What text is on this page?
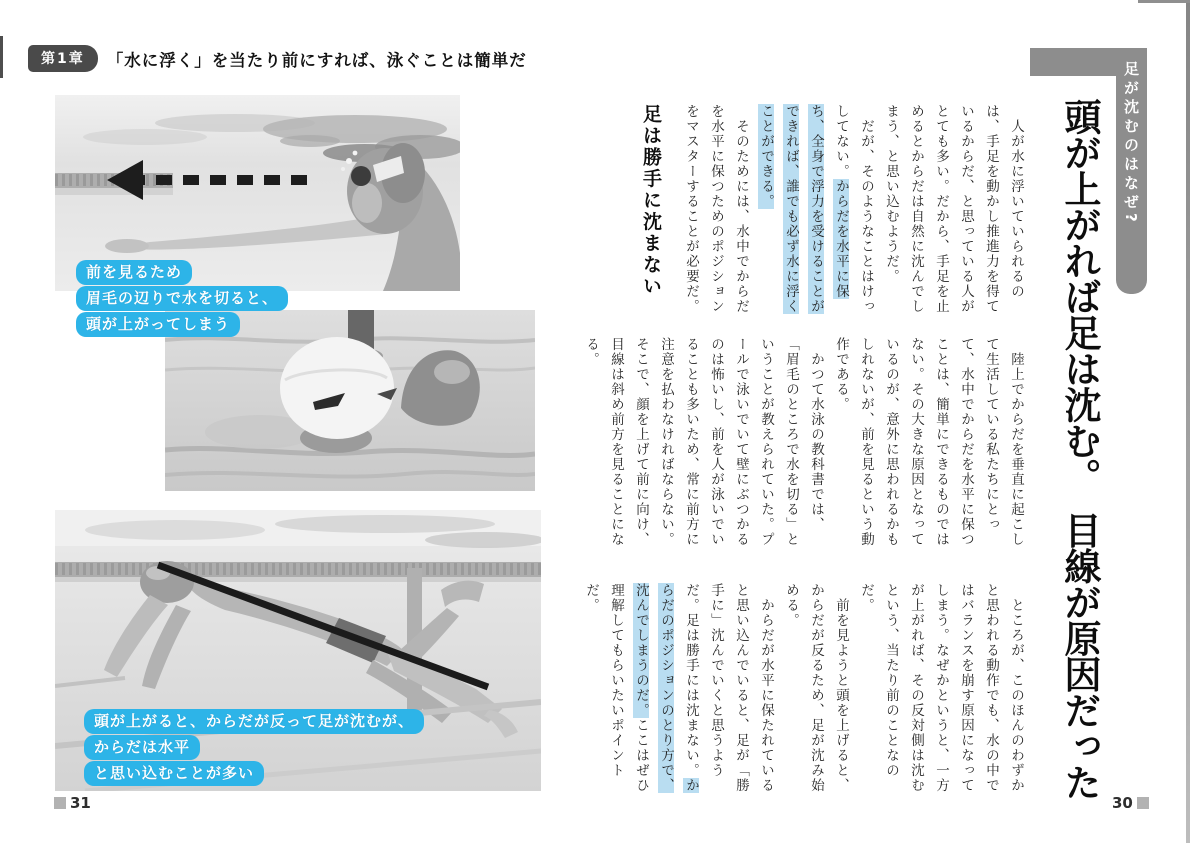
第1章	「水に浮く」を当たり前にすれば、泳ぐことは簡単だ
足が沈むのはなぜ?
頭が上がれば足は沈む。　目線が原因だった

　人が水に浮いていられるのは、手足を動かし推進力を得ているからだ、と思っている人がとても多い。だから、手足を止めるとからだは自然に沈んでしまう、と思い込むようだ。

　だが、そのようなことはけっしてない。からだを水平に保ち、全身で浮力を受けることができれば、誰でも必ず水に浮くことができる。

　そのためには、水中でからだを水平に保つためのポジションをマスターすることが必要だ。

足は勝手に沈まない

　陸上でからだを垂直に起こして生活している私たちにとって、水中でからだを水平に保つことは、簡単にできるものではない。その大きな原因となっているのが、意外に思われるかもしれないが、前を見るという動作である。

　かつて水泳の教科書では、「眉毛のところで水を切る」ということが教えられていた。プールで泳いでいて壁にぶつかるのは怖いし、前を人が泳いでいることも多いため、常に前方に注意を払わなければならない。そこで、顔を上げて前に向け、目線は斜め前方を見ることになる。

　ところが、このほんのわずかと思われる動作でも、水の中ではバランスを崩す原因になってしまう。なぜかというと、一方が上がれば、その反対側は沈むという、当たり前のことなのだ。

　前を見ようと頭を上げると、からだが反るため、足が沈み始める。

　からだが水平に保たれていると思い込んでいると、足が「勝手に」沈んでいくと思うようだ。足は勝手には沈まない。からだのポジションのとり方で、沈んでしまうのだ。ここはぜひ理解してもらいたいポイントだ。

前を見るため
眉毛の辺りで水を切ると、
頭が上がってしまう
頭が上がると、からだが反って足が沈むが、
からだは水平
と思い込むことが多い
31	30
